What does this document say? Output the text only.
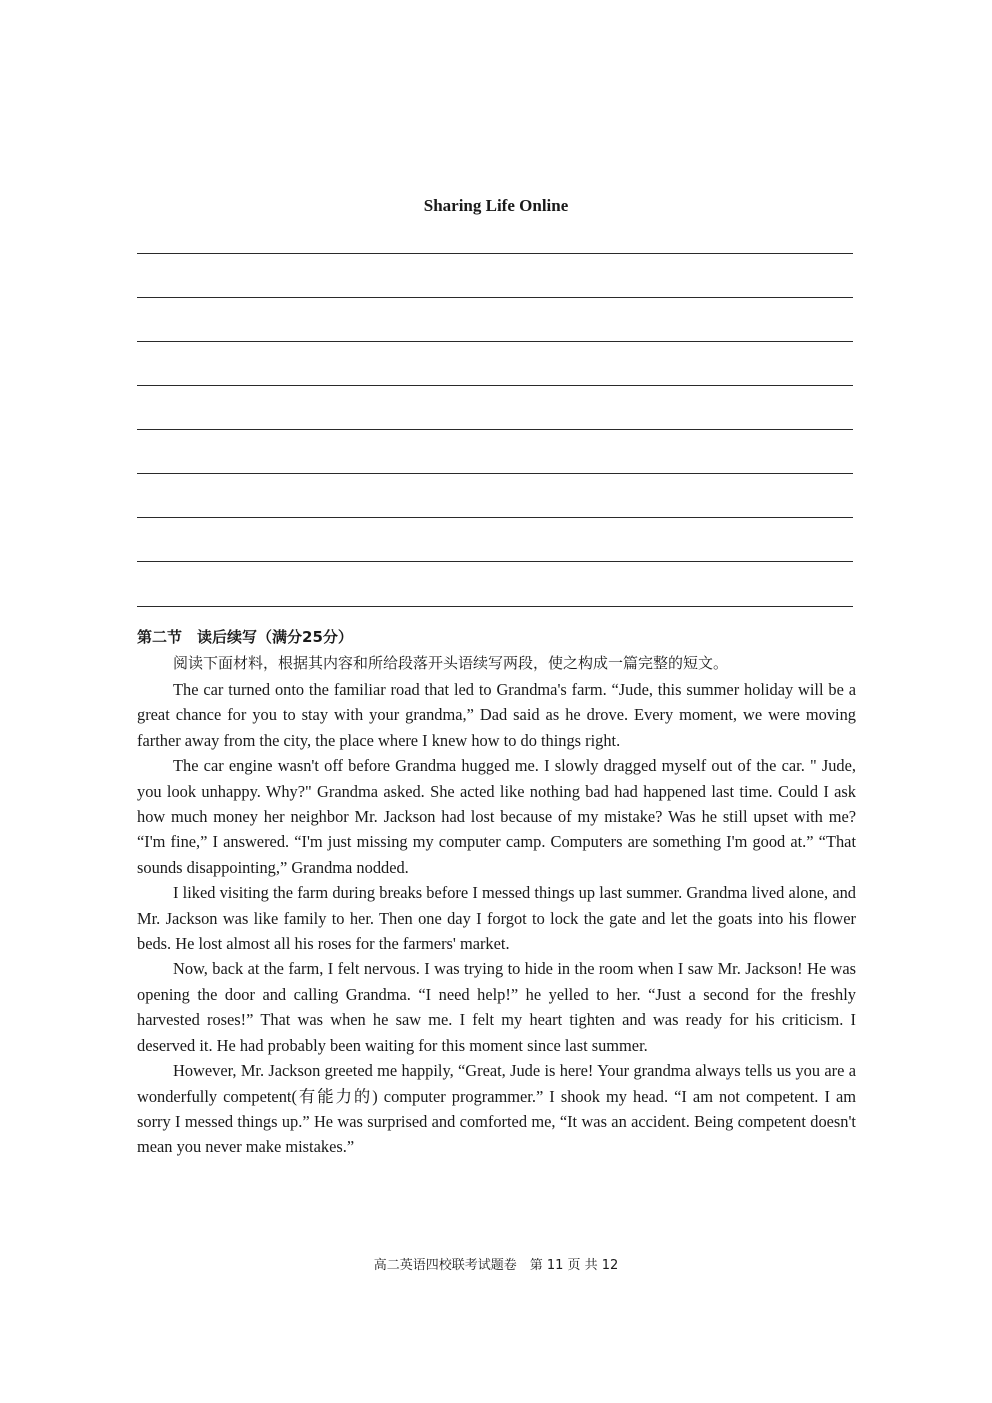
Sharing Life Online
第二节　读后续写（满分25分）
阅读下面材料，根据其内容和所给段落开头语续写两段，使之构成一篇完整的短文。

The car turned onto the familiar road that led to Grandma's farm. “Jude, this summer holiday will be a great chance for you to stay with your grandma,” Dad said as he drove. Every moment, we were moving farther away from the city, the place where I knew how to do things right.

The car engine wasn't off before Grandma hugged me. I slowly dragged myself out of the car. " Jude, you look unhappy. Why?" Grandma asked. She acted like nothing bad had happened last time. Could I ask how much money her neighbor Mr. Jackson had lost because of my mistake? Was he still upset with me? “I'm fine,” I answered. “I'm just missing my computer camp. Computers are something I'm good at.” “That sounds disappointing,” Grandma nodded.

I liked visiting the farm during breaks before I messed things up last summer. Grandma lived alone, and Mr. Jackson was like family to her. Then one day I forgot to lock the gate and let the goats into his flower beds. He lost almost all his roses for the farmers' market.

Now, back at the farm, I felt nervous. I was trying to hide in the room when I saw Mr. Jackson! He was opening the door and calling Grandma. “I need help!” he yelled to her. “Just a second for the freshly harvested roses!” That was when he saw me. I felt my heart tighten and was ready for his criticism. I deserved it. He had probably been waiting for this moment since last summer.

However, Mr. Jackson greeted me happily, “Great, Jude is here! Your grandma always tells us you are a wonderfully competent(有能力的) computer programmer.” I shook my head. “I am not competent. I am sorry I messed things up.” He was surprised and comforted me, “It was an accident. Being competent doesn't mean you never make mistakes.”

高二英语四校联考试题卷　第 11 页 共 12
